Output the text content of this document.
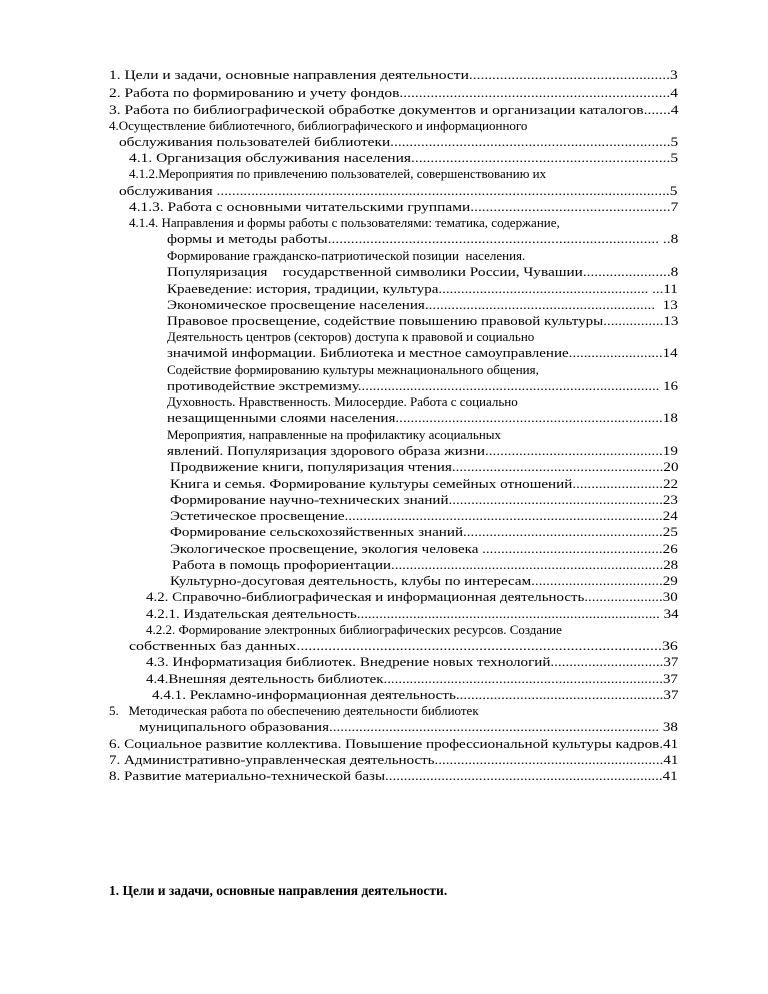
1. Цели и задачи, основные направления деятельности....................................................3
2. Работа по формированию и учету фондов......................................................................4
3. Работа по библиографической обработке документов и организации каталогов.......4
4.Осуществление библиотечного, библиографического и информационного
обслуживания пользователей библиотеки.........................................................................5
4.1. Организация обслуживания населения...................................................................5
4.1.2.Мероприятия по привлечению пользователей, совершенствованию их
обслуживания ......................................................................................................................5
4.1.3. Работа с основными читательскими группами....................................................7
4.1.4. Направления и формы работы с пользователями: тематика, содержание,
формы и методы работы...................................................................................... ..8
Формирование гражданско-патриотической позиции  населения.
Популяризация    государственной символики России, Чувашии.......................8
Краеведение: история, традиции, культура........................................................ ...11
Экономическое просвещение населения.............................................................  13
Правовое просвещение, содействие повышению правовой культуры................13
Деятельность центров (секторов) доступа к правовой и социально
значимой информации. Библиотека и местное самоуправление.........................14
Содействие формированию культуры межнационального общения,
противодействие экстремизму................................................................................. 16
Духовность. Нравственность. Милосердие. Работа с социально
незащищенными слоями населения.......................................................................18
Мероприятия, направленные на профилактику асоциальных
явлений. Популяризация здорового образа жизни...............................................19
Продвижение книги, популяризация чтения........................................................20
Книга и семья. Формирование культуры семейных отношений........................22
Формирование научно-технических знаний.........................................................23
Эстетическое просвещение.....................................................................................24
Формирование сельскохозяйственных знаний.....................................................25
Экологическое просвещение, экология человека ................................................26
Работа в помощь профориентации.........................................................................28
Культурно-досуговая деятельность, клубы по интересам...................................29
4.2. Справочно-библиографическая и информационная деятельность.....................30
4.2.1. Издательская деятельность................................................................................. 34
4.2.2. Формирование электронных библиографических ресурсов. Создание
собственных баз данных............................................................................................36
4.3. Информатизация библиотек. Внедрение новых технологий..............................37
4.4.Внешняя деятельность библиотек...........................................................................37
4.4.1. Рекламно-информационная деятельность.......................................................37
5.   Методическая работа по обеспечению деятельности библиотек
муниципального образования........................................................................................ 38
6. Социальное развитие коллектива. Повышение профессиональной культуры кадров.41
7. Административно-управленческая деятельность.............................................................41
8. Развитие материально-технической базы..........................................................................41
1. Цели и задачи, основные направления деятельности.
